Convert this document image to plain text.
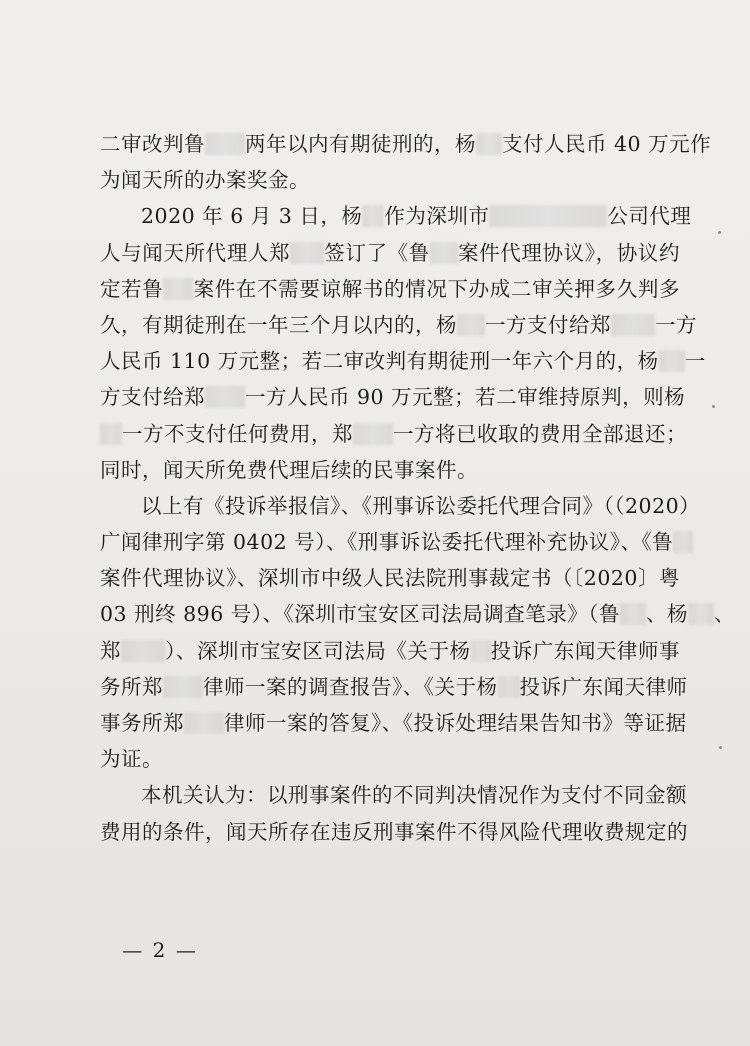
二审改判鲁 两年以内有期徒刑的，杨 支付人民币 40 万元作
为闻天所的办案奖金。

2020 年 6 月 3 日，杨 作为深圳市	公司代理
人与闻天所代理人郑 签订了《鲁 案件代理协议》，协议约
定若鲁 案件在不需要谅解书的情况下办成二审关押多久判多
久，有期徒刑在一年三个月以内的，杨 一方支付给郑 一方
人民币 110 万元整；若二审改判有期徒刑一年六个月的，杨 一
方支付给郑 一方人民币 90 万元整；若二审维持原判，则杨
一方不支付任何费用，郑 一方将已收取的费用全部退还；
同时，闻天所免费代理后续的民事案件。

以上有《投诉举报信》、《刑事诉讼委托代理合同》（（2020）
广闻律刑字第 0402 号）、《刑事诉讼委托代理补充协议》、《鲁
案件代理协议》、深圳市中级人民法院刑事裁定书（〔2020〕粤
03 刑终 896 号）、《深圳市宝安区司法局调查笔录》（鲁 、杨 、
郑 ）、深圳市宝安区司法局《关于杨 投诉广东闻天律师事
务所郑 律师一案的调查报告》、《关于杨 投诉广东闻天律师
事务所郑 律师一案的答复》、《投诉处理结果告知书》等证据
为证。

本机关认为：以刑事案件的不同判决情况作为支付不同金额
费用的条件，闻天所存在违反刑事案件不得风险代理收费规定的

— 2 —
